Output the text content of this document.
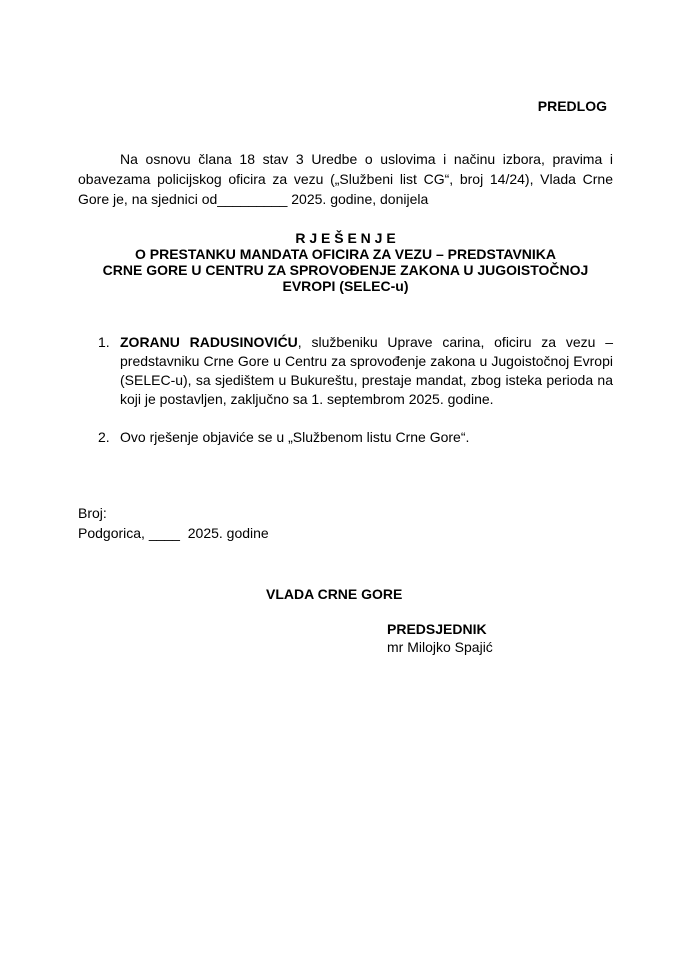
PREDLOG

Na osnovu člana 18 stav 3 Uredbe o uslovima i načinu izbora, pravima i obavezama policijskog oficira za vezu („Službeni list CG“, broj 14/24), Vlada Crne Gore je, na sjednici od_________ 2025. godine, donijela

R J E Š E N J E
O PRESTANKU MANDATA OFICIRA ZA VEZU – PREDSTAVNIKA
CRNE GORE U CENTRU ZA SPROVOĐENJE ZAKONA U JUGOISTOČNOJ
EVROPI (SELEC-u)
1. ZORANU RADUSINOVIĆU, službeniku Uprave carina, oficiru za vezu – predstavniku Crne Gore u Centru za sprovođenje zakona u Jugoistočnoj Evropi (SELEC-u), sa sjedištem u Bukureštu, prestaje mandat, zbog isteka perioda na koji je postavljen, zaključno sa 1. septembrom 2025. godine.
2. Ovo rješenje objaviće se u „Službenom listu Crne Gore“.
Broj:
Podgorica, ____  2025. godine
VLADA CRNE GORE
PREDSJEDNIK
mr Milojko Spajić
